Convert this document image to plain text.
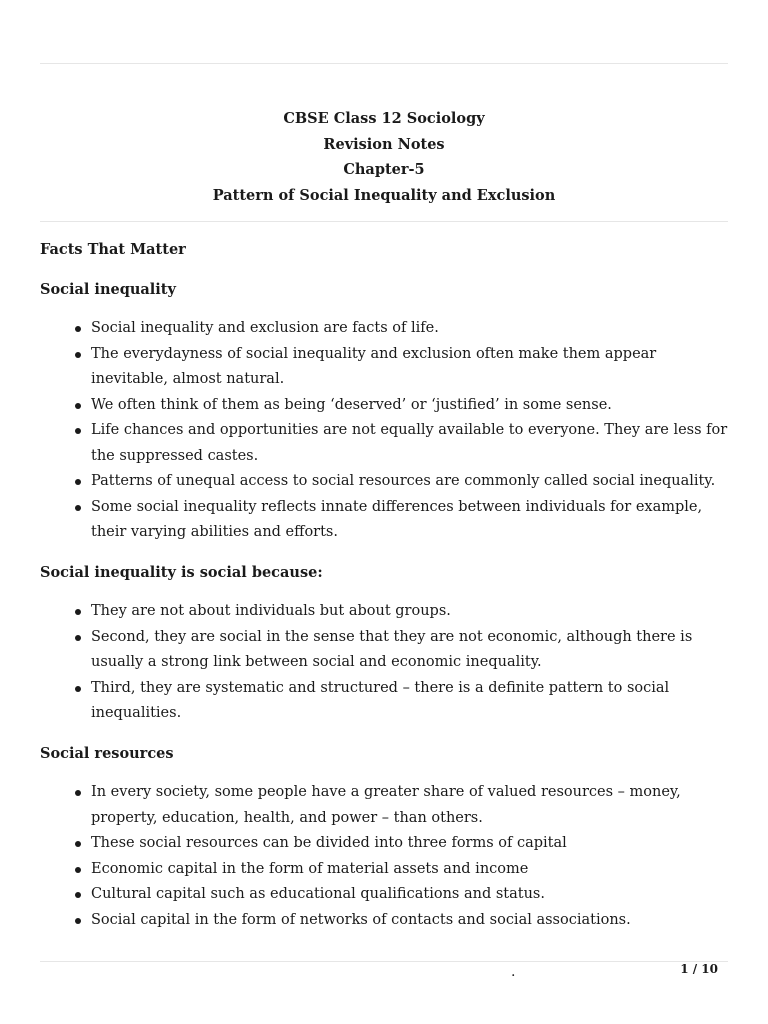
CBSE Class 12 Sociology
Revision Notes
Chapter-5
Pattern of Social Inequality and Exclusion
Facts That Matter
Social inequality
Social inequality and exclusion are facts of life.
The everydayness of social inequality and exclusion often make them appear inevitable, almost natural.
We often think of them as being ‘deserved’ or ‘justified’ in some sense.
Life chances and opportunities are not equally available to everyone. They are less for the suppressed castes.
Patterns of unequal access to social resources are commonly called social inequality.
Some social inequality reflects innate differences between individuals for example, their varying abilities and efforts.
Social inequality is social because:
They are not about individuals but about groups.
Second, they are social in the sense that they are not economic, although there is usually a strong link between social and economic inequality.
Third, they are systematic and structured – there is a definite pattern to social inequalities.
Social resources
In every society, some people have a greater share of valued resources – money, property, education, health, and power – than others.
These social resources can be divided into three forms of capital
Economic capital in the form of material assets and income
Cultural capital such as educational qualifications and status.
Social capital in the form of networks of contacts and social associations.
.	1 / 10
